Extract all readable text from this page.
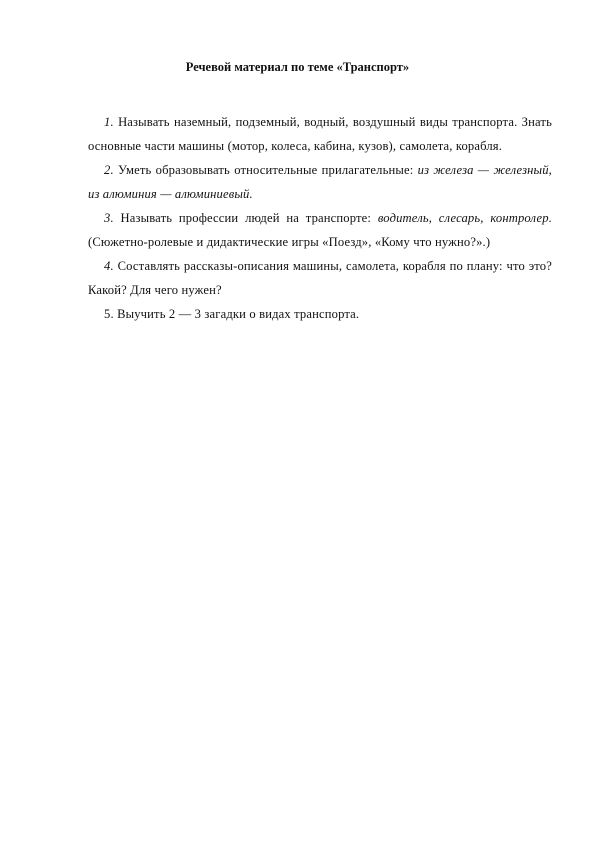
Речевой материал по теме «Транспорт»

1. Называть наземный, подземный, водный, воздушный виды транспорта. Знать основные части машины (мотор, колеса, кабина, кузов), самолета, корабля.

2. Уметь образовывать относительные прилагательные: из железа — железный, из алюминия — алюминиевый.

3. Называть профессии людей на транспорте: водитель, слесарь, контролер. (Сюжетно-ролевые и дидактические игры «Поезд», «Кому что нужно?».)

4. Составлять рассказы-описания машины, самолета, корабля по плану: что это? Какой? Для чего нужен?

5. Выучить 2 — 3 загадки о видах транспорта.
